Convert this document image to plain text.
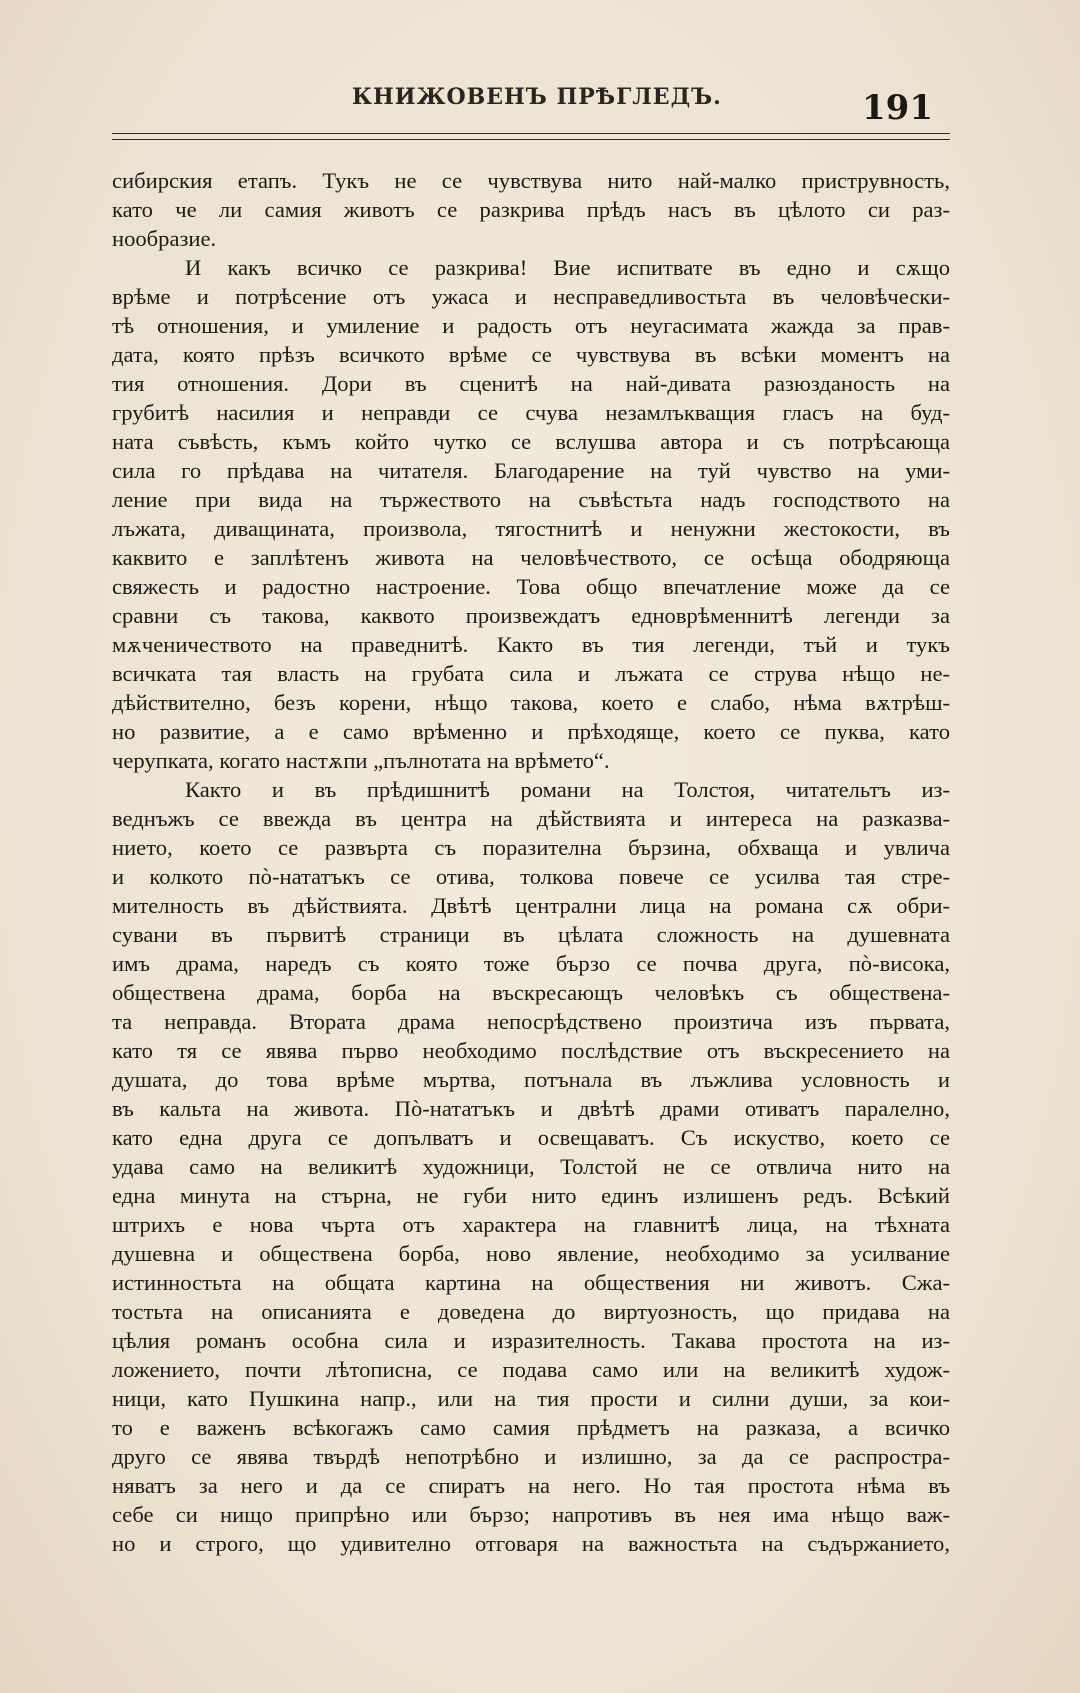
КНИЖОВЕНЪ ПРѢГЛЕДЪ.	191
сибирския етапъ. Тукъ не се чувствува нито най-малко приструвность,
като че ли самия животъ се разкрива прѣдъ насъ въ цѣлото си раз-
нообразие.
И какъ всичко се разкрива! Вие испитвате въ едно и сѫщо
врѣме и потрѣсение отъ ужаса и несправедливостьта въ человѣчески-
тѣ отношения, и умиление и радость отъ неугасимата жажда за прав-
дата, която прѣзъ всичкото врѣме се чувствува въ всѣки моментъ на
тия отношения. Дори въ сценитѣ на най-дивата разюзданость на
грубитѣ насилия и неправди се счува незамлъкващия гласъ на буд-
ната съвѣсть, къмъ който чутко се вслушва автора и съ потрѣсающа
сила го прѣдава на читателя. Благодарение на туй чувство на уми-
ление при вида на тържеството на съвѣстьта надъ господството на
лъжата, диващината, произвола, тягостнитѣ и ненужни жестокости, въ
каквито е заплѣтенъ живота на человѣчеството, се осѣща ободряюща
свяжесть и радостно настроение. Това общо впечатление може да се
сравни съ такова, каквото произвеждатъ едноврѣменнитѣ легенди за
мѫченичеството на праведнитѣ. Както въ тия легенди, тъй и тукъ
всичката тая власть на грубата сила и лъжата се струва нѣщо не-
дѣйствително, безъ корени, нѣщо такова, което е слабо, нѣма вѫтрѣш-
но развитие, а е само врѣменно и прѣходяще, което се пуква, като
черупката, когато настѫпи „пълнотата на врѣмето“.
Както и въ прѣдишнитѣ романи на Толстоя, читательтъ из-
веднъжъ се ввежда въ центра на дѣйствията и интереса на разказва-
нието, което се развърта съ поразителна бързина, обхваща и увлича
и колкото пò-нататъкъ се отива, толкова повече се усилва тая стре-
мителность въ дѣйствията. Двѣтѣ централни лица на романа сѫ обри-
сувани въ първитѣ страници въ цѣлата сложность на душевната
имъ драма, наредъ съ която тоже бързо се почва друга, пò-висока,
обществена драма, борба на въскресающъ человѣкъ съ обществена-
та неправда. Втората драма непосрѣдствено произтича изъ първата,
като тя се явява първо необходимо послѣдствие отъ въскресението на
душата, до това врѣме мъртва, потънала въ лъжлива условность и
въ кальта на живота. Пò-нататъкъ и двѣтѣ драми отиватъ паралелно,
като една друга се допълватъ и освещаватъ. Съ искуство, което се
удава само на великитѣ художници, Толстой не се отвлича нито на
една минута на стърна, не губи нито единъ излишенъ редъ. Всѣкий
штрихъ е нова чърта отъ характера на главнитѣ лица, на тѣхната
душевна и обществена борба, ново явление, необходимо за усилвание
истинностьта на общата картина на обществения ни животъ. Сжа-
тостьта на описанията е доведена до виртуозность, що придава на
цѣлия романъ особна сила и изразителность. Такава простота на из-
ложението, почти лѣтописна, се подава само или на великитѣ худож-
ници, като Пушкина напр., или на тия прости и силни души, за кои-
то е важенъ всѣкогажъ само самия прѣдметъ на разказа, а всичко
друго се явява твърдѣ непотрѣбно и излишно, за да се распростра-
няватъ за него и да се спиратъ на него. Но тая простота нѣма въ
себе си нищо припрѣно или бързо; напротивъ въ нея има нѣщо важ-
но и строго, що удивително отговаря на важностьта на съдържанието,
